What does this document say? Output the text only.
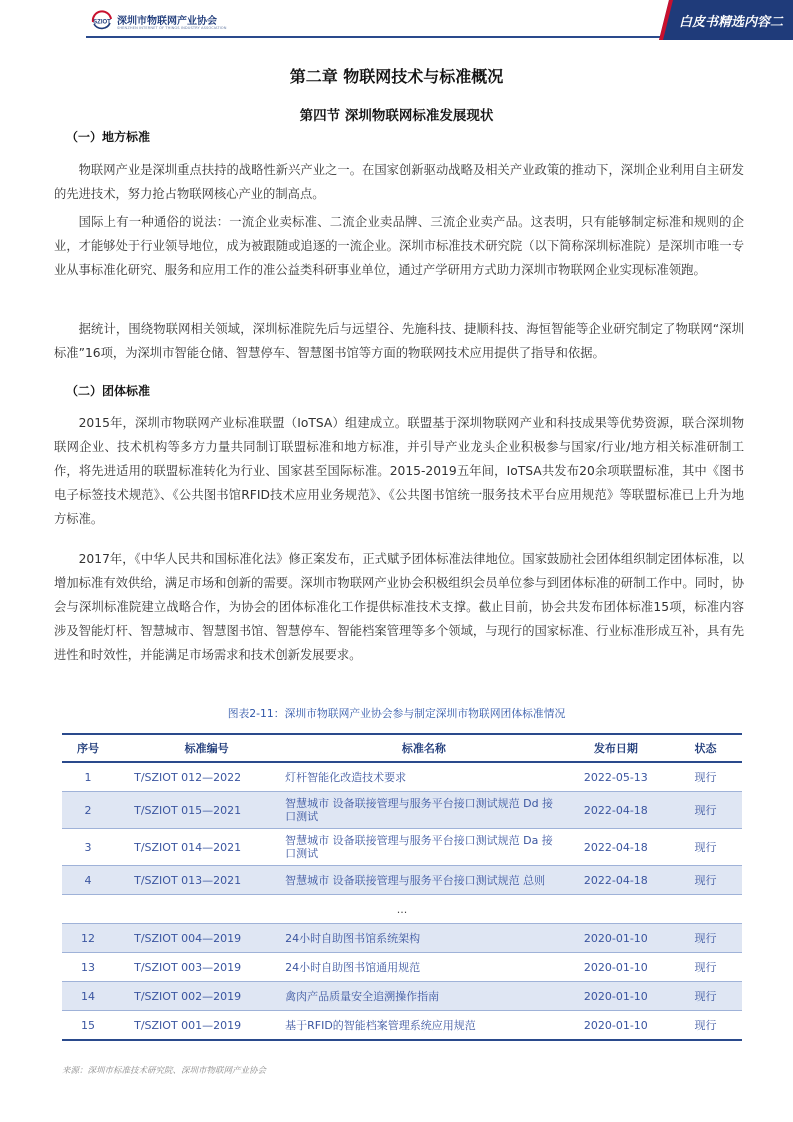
SZIOT 深圳市物联网产业协会
SHENZHEN INTERNET OF THINGS INDUSTRY ASSOCIATION	白皮书精选内容二
第二章 物联网技术与标准概况
第四节 深圳物联网标准发展现状
（一）地方标准

物联网产业是深圳重点扶持的战略性新兴产业之一。在国家创新驱动战略及相关产业政策的推动下，深圳企业利用自主研发的先进技术，努力抢占物联网核心产业的制高点。

国际上有一种通俗的说法：一流企业卖标准、二流企业卖品牌、三流企业卖产品。这表明，只有能够制定标准和规则的企业，才能够处于行业领导地位，成为被跟随或追逐的一流企业。深圳市标准技术研究院（以下简称深圳标准院）是深圳市唯一专业从事标准化研究、服务和应用工作的准公益类科研事业单位，通过产学研用方式助力深圳市物联网企业实现标准领跑。

据统计，围绕物联网相关领域，深圳标准院先后与远望谷、先施科技、捷顺科技、海恒智能等企业研究制定了物联网“深圳标准”16项，为深圳市智能仓储、智慧停车、智慧图书馆等方面的物联网技术应用提供了指导和依据。

（二）团体标准

2015年，深圳市物联网产业标准联盟（IoTSA）组建成立。联盟基于深圳物联网产业和科技成果等优势资源，联合深圳物联网企业、技术机构等多方力量共同制订联盟标准和地方标准，并引导产业龙头企业积极参与国家/行业/地方相关标准研制工作，将先进适用的联盟标准转化为行业、国家甚至国际标准。2015-2019五年间，IoTSA共发布20余项联盟标准，其中《图书电子标签技术规范》、《公共图书馆RFID技术应用业务规范》、《公共图书馆统一服务技术平台应用规范》等联盟标准已上升为地方标准。

2017年，《中华人民共和国标准化法》修正案发布，正式赋予团体标准法律地位。国家鼓励社会团体组织制定团体标准，以增加标准有效供给，满足市场和创新的需要。深圳市物联网产业协会积极组织会员单位参与到团体标准的研制工作中。同时，协会与深圳标准院建立战略合作，为协会的团体标准化工作提供标准技术支撑。截止目前，协会共发布团体标准15项，标准内容涉及智能灯杆、智慧城市、智慧图书馆、智慧停车、智能档案管理等多个领域，与现行的国家标准、行业标准形成互补，具有先进性和时效性，并能满足市场需求和技术创新发展要求。

图表2-11：深圳市物联网产业协会参与制定深圳市物联网团体标准情况
序号	标准编号	标准名称	发布日期	状态
1	T/SZIOT 012—2022	灯杆智能化改造技术要求	2022-05-13	现行
2	T/SZIOT 015—2021	智慧城市 设备联接管理与服务平台接口测试规范 Dd 接口测试	2022-04-18	现行
3	T/SZIOT 014—2021	智慧城市 设备联接管理与服务平台接口测试规范 Da 接口测试	2022-04-18	现行
4	T/SZIOT 013—2021	智慧城市 设备联接管理与服务平台接口测试规范 总则	2022-04-18	现行
...				
12	T/SZIOT 004—2019	24小时自助图书馆系统架构	2020-01-10	现行
13	T/SZIOT 003—2019	24小时自助图书馆通用规范	2020-01-10	现行
14	T/SZIOT 002—2019	禽肉产品质量安全追溯操作指南	2020-01-10	现行
15	T/SZIOT 001—2019	基于RFID的智能档案管理系统应用规范	2020-01-10	现行
来源：深圳市标准技术研究院、深圳市物联网产业协会
